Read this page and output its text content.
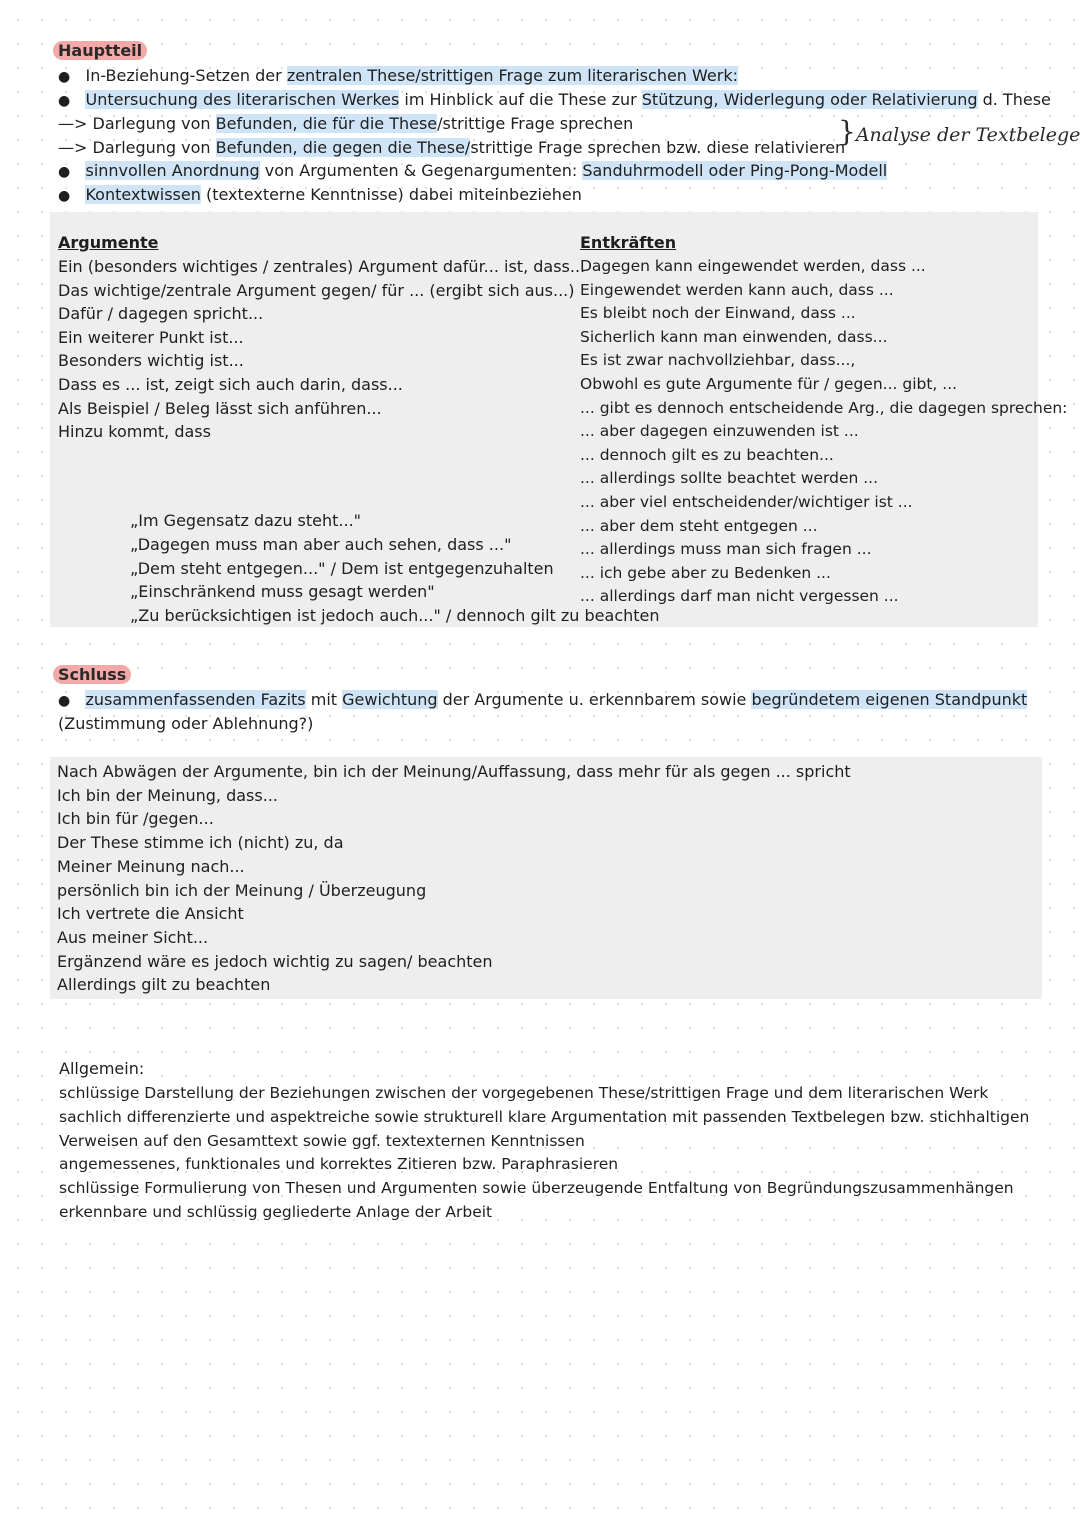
Hauptteil
● In-Beziehung-Setzen der zentralen These/strittigen Frage zum literarischen Werk:
● Untersuchung des literarischen Werkes im Hinblick auf die These zur Stützung, Widerlegung oder Relativierung d. These
—> Darlegung von Befunden, die für die These/strittige Frage sprechen
—> Darlegung von Befunden, die gegen die These/strittige Frage sprechen bzw. diese relativieren
}Analyse der Textbelege
● sinnvollen Anordnung von Argumenten & Gegenargumenten: Sanduhrmodell oder Ping-Pong-Modell
● Kontextwissen (textexterne Kenntnisse) dabei miteinbeziehen
Argumente
Ein (besonders wichtiges / zentrales) Argument dafür... ist, dass...
Das wichtige/zentrale Argument gegen/ für ... (ergibt sich aus...)
Dafür / dagegen spricht...
Ein weiterer Punkt ist...
Besonders wichtig ist...
Dass es ... ist, zeigt sich auch darin, dass...
Als Beispiel / Beleg lässt sich anführen...
Hinzu kommt, dass
Entkräften
Dagegen kann eingewendet werden, dass ...
Eingewendet werden kann auch, dass ...
Es bleibt noch der Einwand, dass ...
Sicherlich kann man einwenden, dass...
Es ist zwar nachvollziehbar, dass...,
Obwohl es gute Argumente für / gegen... gibt, ...
... gibt es dennoch entscheidende Arg., die dagegen sprechen:
... aber dagegen einzuwenden ist ...
... dennoch gilt es zu beachten...
... allerdings sollte beachtet werden ...
... aber viel entscheidender/wichtiger ist ...
... aber dem steht entgegen ...
... allerdings muss man sich fragen ...
... ich gebe aber zu Bedenken ...
... allerdings darf man nicht vergessen ...
„Im Gegensatz dazu steht..."
„Dagegen muss man aber auch sehen, dass ..."
„Dem steht entgegen..." / Dem ist entgegenzuhalten
„Einschränkend muss gesagt werden"
„Zu berücksichtigen ist jedoch auch..." / dennoch gilt zu beachten
Schluss
● zusammenfassenden Fazits mit Gewichtung der Argumente u. erkennbarem sowie begründetem eigenen Standpunkt
(Zustimmung oder Ablehnung?)
Nach Abwägen der Argumente, bin ich der Meinung/Auffassung, dass mehr für als gegen ... spricht
Ich bin der Meinung, dass...
Ich bin für /gegen...
Der These stimme ich (nicht) zu, da
Meiner Meinung nach...
persönlich bin ich der Meinung / Überzeugung
Ich vertrete die Ansicht
Aus meiner Sicht...
Ergänzend wäre es jedoch wichtig zu sagen/ beachten
Allerdings gilt zu beachten
Allgemein:
schlüssige Darstellung der Beziehungen zwischen der vorgegebenen These/strittigen Frage und dem literarischen Werk
sachlich differenzierte und aspektreiche sowie strukturell klare Argumentation mit passenden Textbelegen bzw. stichhaltigen
Verweisen auf den Gesamttext sowie ggf. textexternen Kenntnissen
angemessenes, funktionales und korrektes Zitieren bzw. Paraphrasieren
schlüssige Formulierung von Thesen und Argumenten sowie überzeugende Entfaltung von Begründungszusammenhängen
erkennbare und schlüssig gegliederte Anlage der Arbeit
